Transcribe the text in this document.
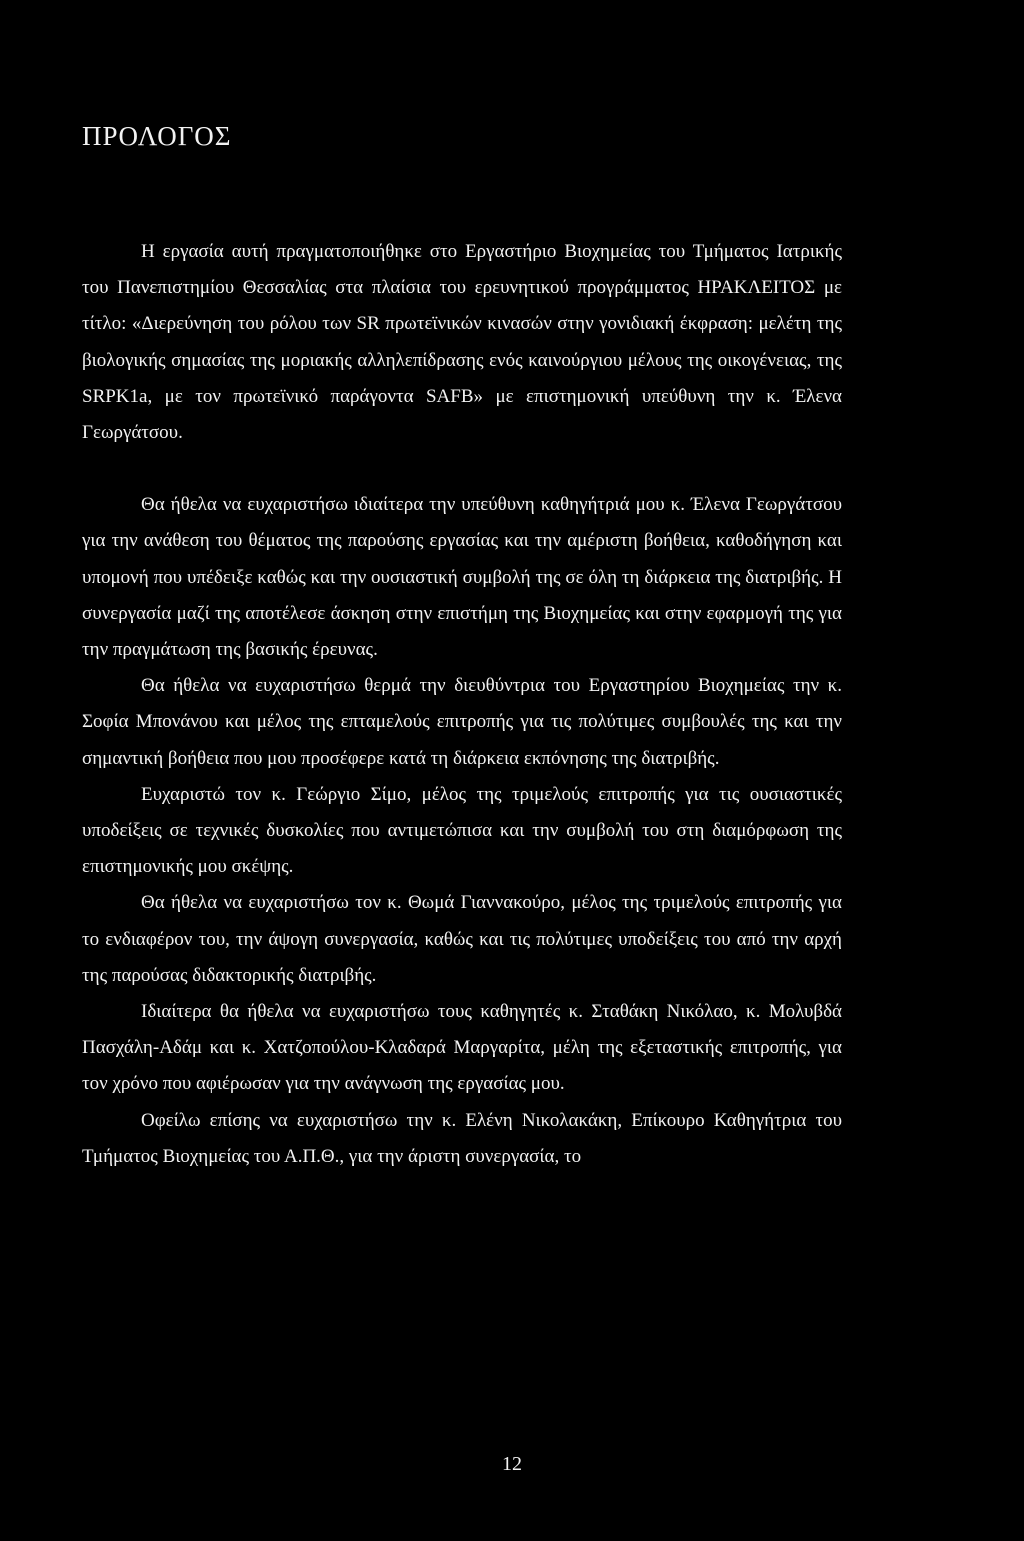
ΠΡΟΛΟΓΟΣ

Η εργασία αυτή πραγματοποιήθηκε στο Εργαστήριο Βιοχημείας του Τμήματος Ιατρικής του Πανεπιστημίου Θεσσαλίας στα πλαίσια του ερευνητικού προγράμματος ΗΡΑΚΛΕΙΤΟΣ με τίτλο: «Διερεύνηση του ρόλου των SR πρωτεϊνικών κινασών στην γονιδιακή έκφραση: μελέτη της βιολογικής σημασίας της μοριακής αλληλεπίδρασης ενός καινούργιου μέλους της οικογένειας, της SRPK1a, με τον πρωτεϊνικό παράγοντα SAFB» με επιστημονική υπεύθυνη την κ. Έλενα Γεωργάτσου.

Θα ήθελα να ευχαριστήσω ιδιαίτερα την υπεύθυνη καθηγήτριά μου κ. Έλενα Γεωργάτσου για την ανάθεση του θέματος της παρούσης εργασίας και την αμέριστη βοήθεια, καθοδήγηση και υπομονή που υπέδειξε καθώς και την ουσιαστική συμβολή της σε όλη τη διάρκεια της διατριβής. Η συνεργασία μαζί της αποτέλεσε άσκηση στην επιστήμη της Βιοχημείας και στην εφαρμογή της για την πραγμάτωση της βασικής έρευνας.

Θα ήθελα να ευχαριστήσω θερμά την διευθύντρια του Εργαστηρίου Βιοχημείας την κ. Σοφία Μπονάνου και μέλος της επταμελούς επιτροπής για τις πολύτιμες συμβουλές της και την σημαντική βοήθεια που μου προσέφερε κατά τη διάρκεια εκπόνησης της διατριβής.

Ευχαριστώ τον κ. Γεώργιο Σίμο, μέλος της τριμελούς επιτροπής για τις ουσιαστικές υποδείξεις σε τεχνικές δυσκολίες που αντιμετώπισα και την συμβολή του στη διαμόρφωση της επιστημονικής μου σκέψης.

Θα ήθελα να ευχαριστήσω τον κ. Θωμά Γιαννακούρο, μέλος της τριμελούς επιτροπής για το ενδιαφέρον του, την άψογη συνεργασία, καθώς και τις πολύτιμες υποδείξεις του από την αρχή της παρούσας διδακτορικής διατριβής.

Ιδιαίτερα θα ήθελα να ευχαριστήσω τους καθηγητές κ. Σταθάκη Νικόλαο, κ. Μολυβδά Πασχάλη-Αδάμ και κ. Χατζοπούλου-Κλαδαρά Μαργαρίτα, μέλη της εξεταστικής επιτροπής, για τον χρόνο που αφιέρωσαν για την ανάγνωση της εργασίας μου.

Οφείλω επίσης να ευχαριστήσω την κ. Ελένη Νικολακάκη, Επίκουρο Καθηγήτρια του Τμήματος Βιοχημείας του Α.Π.Θ., για την άριστη συνεργασία, το

12
